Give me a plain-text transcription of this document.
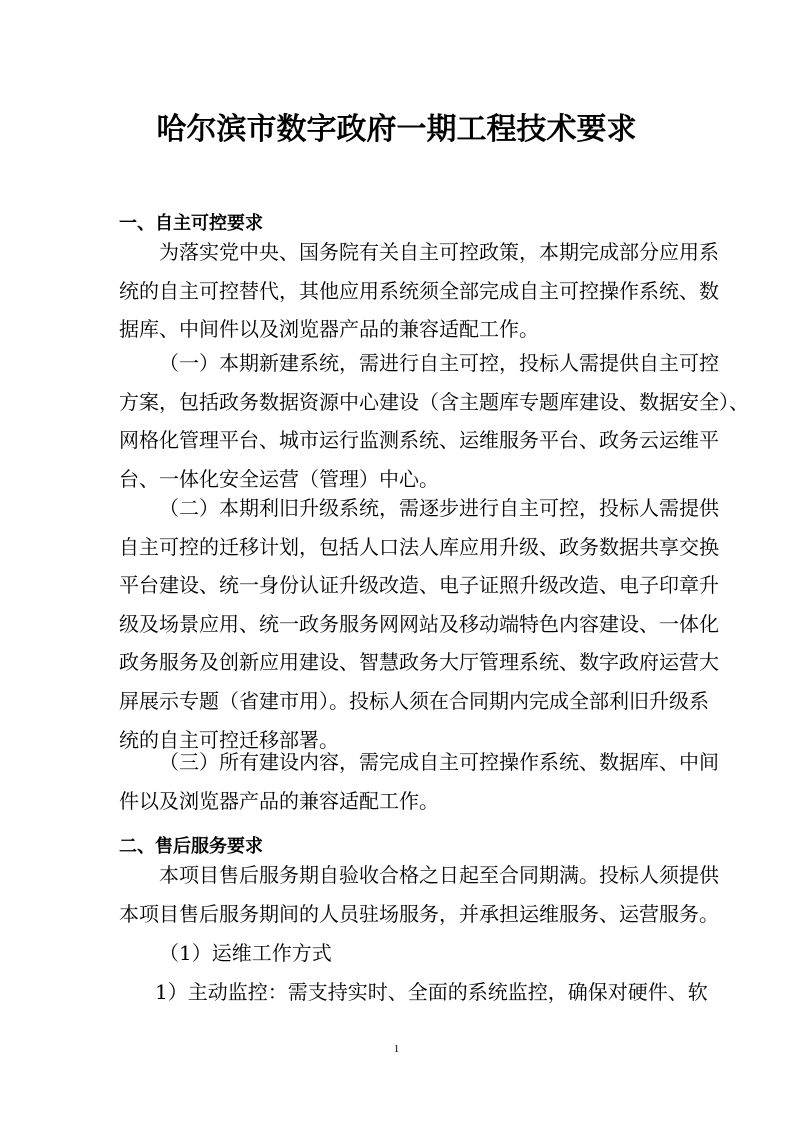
哈尔滨市数字政府一期工程技术要求
一、自主可控要求
为落实党中央、国务院有关自主可控政策，本期完成部分应用系
统的自主可控替代，其他应用系统须全部完成自主可控操作系统、数
据库、中间件以及浏览器产品的兼容适配工作。
（一）本期新建系统，需进行自主可控，投标人需提供自主可控
方案，包括政务数据资源中心建设（含主题库专题库建设、数据安全）、
网格化管理平台、城市运行监测系统、运维服务平台、政务云运维平
台、一体化安全运营（管理）中心。
（二）本期利旧升级系统，需逐步进行自主可控，投标人需提供
自主可控的迁移计划，包括人口法人库应用升级、政务数据共享交换
平台建设、统一身份认证升级改造、电子证照升级改造、电子印章升
级及场景应用、统一政务服务网网站及移动端特色内容建设、一体化
政务服务及创新应用建设、智慧政务大厅管理系统、数字政府运营大
屏展示专题（省建市用）。投标人须在合同期内完成全部利旧升级系
统的自主可控迁移部署。
（三）所有建设内容，需完成自主可控操作系统、数据库、中间
件以及浏览器产品的兼容适配工作。
二、售后服务要求
本项目售后服务期自验收合格之日起至合同期满。投标人须提供
本项目售后服务期间的人员驻场服务，并承担运维服务、运营服务。
（1）运维工作方式
1）主动监控：需支持实时、全面的系统监控，确保对硬件、软
1
